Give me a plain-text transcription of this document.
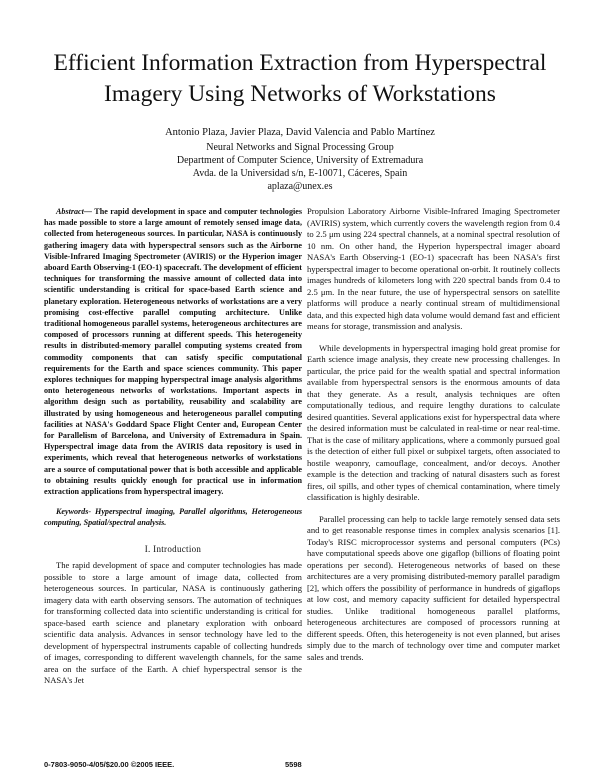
Efficient Information Extraction from Hyperspectral
Imagery Using Networks of Workstations
Antonio Plaza, Javier Plaza, David Valencia and Pablo Martínez
Neural Networks and Signal Processing Group
Department of Computer Science, University of Extremadura
Avda. de la Universidad s/n, E-10071, Cáceres, Spain
aplaza@unex.es

Abstract— The rapid development in space and computer technologies has made possible to store a large amount of remotely sensed image data, collected from heterogeneous sources. In particular, NASA is continuously gathering imagery data with hyperspectral sensors such as the Airborne Visible-Infrared Imaging Spectrometer (AVIRIS) or the Hyperion imager aboard Earth Observing-1 (EO-1) spacecraft. The development of efficient techniques for transforming the massive amount of collected data into scientific understanding is critical for space-based Earth science and planetary exploration. Heterogeneous networks of workstations are a very promising cost-effective parallel computing architecture. Unlike traditional homogeneous parallel systems, heterogeneous architectures are composed of processors running at different speeds. This heterogeneity results in distributed-memory parallel computing systems created from commodity components that can satisfy specific computational requirements for the Earth and space sciences community. This paper explores techniques for mapping hyperspectral image analysis algorithms onto heterogeneous networks of workstations. Important aspects in algorithm design such as portability, reusability and scalability are illustrated by using homogeneous and heterogeneous parallel computing facilities at NASA's Goddard Space Flight Center and, European Center for Parallelism of Barcelona, and University of Extremadura in Spain. Hyperspectral image data from the AVIRIS data repository is used in experiments, which reveal that heterogeneous networks of workstations are a source of computational power that is both accessible and applicable to obtaining results quickly enough for practical use in information extraction applications from hyperspectral imagery.

Keywords- Hyperspectral imaging, Parallel algorithms, Heterogeneous computing, Spatial/spectral analysis.

I. Introduction

The rapid development of space and computer technologies has made possible to store a large amount of image data, collected from heterogeneous sources. In particular, NASA is continuously gathering imagery data with earth observing sensors. The automation of techniques for transforming collected data into scientific understanding is critical for space-based earth science and planetary exploration with onboard scientific data analysis. Advances in sensor technology have led to the development of hyperspectral instruments capable of collecting hundreds of images, corresponding to different wavelength channels, for the same area on the surface of the Earth. A chief hyperspectral sensor is the NASA's Jet

Propulsion Laboratory Airborne Visible-Infrared Imaging Spectrometer (AVIRIS) system, which currently covers the wavelength region from 0.4 to 2.5 μm using 224 spectral channels, at a nominal spectral resolution of 10 nm. On other hand, the Hyperion hyperspectral imager aboard NASA's Earth Observing-1 (EO-1) spacecraft has been NASA's first hyperspectral imager to become operational on-orbit. It routinely collects images hundreds of kilometers long with 220 spectral bands from 0.4 to 2.5 μm. In the near future, the use of hyperspectral sensors on satellite platforms will produce a nearly continual stream of multidimensional data, and this expected high data volume would demand fast and efficient means for storage, transmission and analysis.

While developments in hyperspectral imaging hold great promise for Earth science image analysis, they create new processing challenges. In particular, the price paid for the wealth spatial and spectral information available from hyperspectral sensors is the enormous amounts of data that they generate. As a result, analysis techniques are often computationally tedious, and require lengthy durations to calculate desired quantities. Several applications exist for hyperspectral data where the desired information must be calculated in real-time or near real-time. That is the case of military applications, where a commonly pursued goal is the detection of either full pixel or subpixel targets, often associated to hostile weaponry, camouflage, concealment, and/or decoys. Another example is the detection and tracking of natural disasters such as forest fires, oil spills, and other types of chemical contamination, where timely classification is highly desirable.

Parallel processing can help to tackle large remotely sensed data sets and to get reasonable response times in complex analysis scenarios [1]. Today's RISC microprocessor systems and personal computers (PCs) have computational speeds above one gigaflop (billions of floating point operations per second). Heterogeneous networks of based on these architectures are a very promising distributed-memory parallel paradigm [2], which offers the possibility of performance in hundreds of gigaflops at low cost, and memory capacity sufficient for detailed hyperspectral studies. Unlike traditional homogeneous parallel platforms, heterogeneous architectures are composed of processors running at different speeds. Often, this heterogeneity is not even planned, but arises simply due to the march of technology over time and computer market sales and trends.

0-7803-9050-4/05/$20.00 ©2005 IEEE.	5598
